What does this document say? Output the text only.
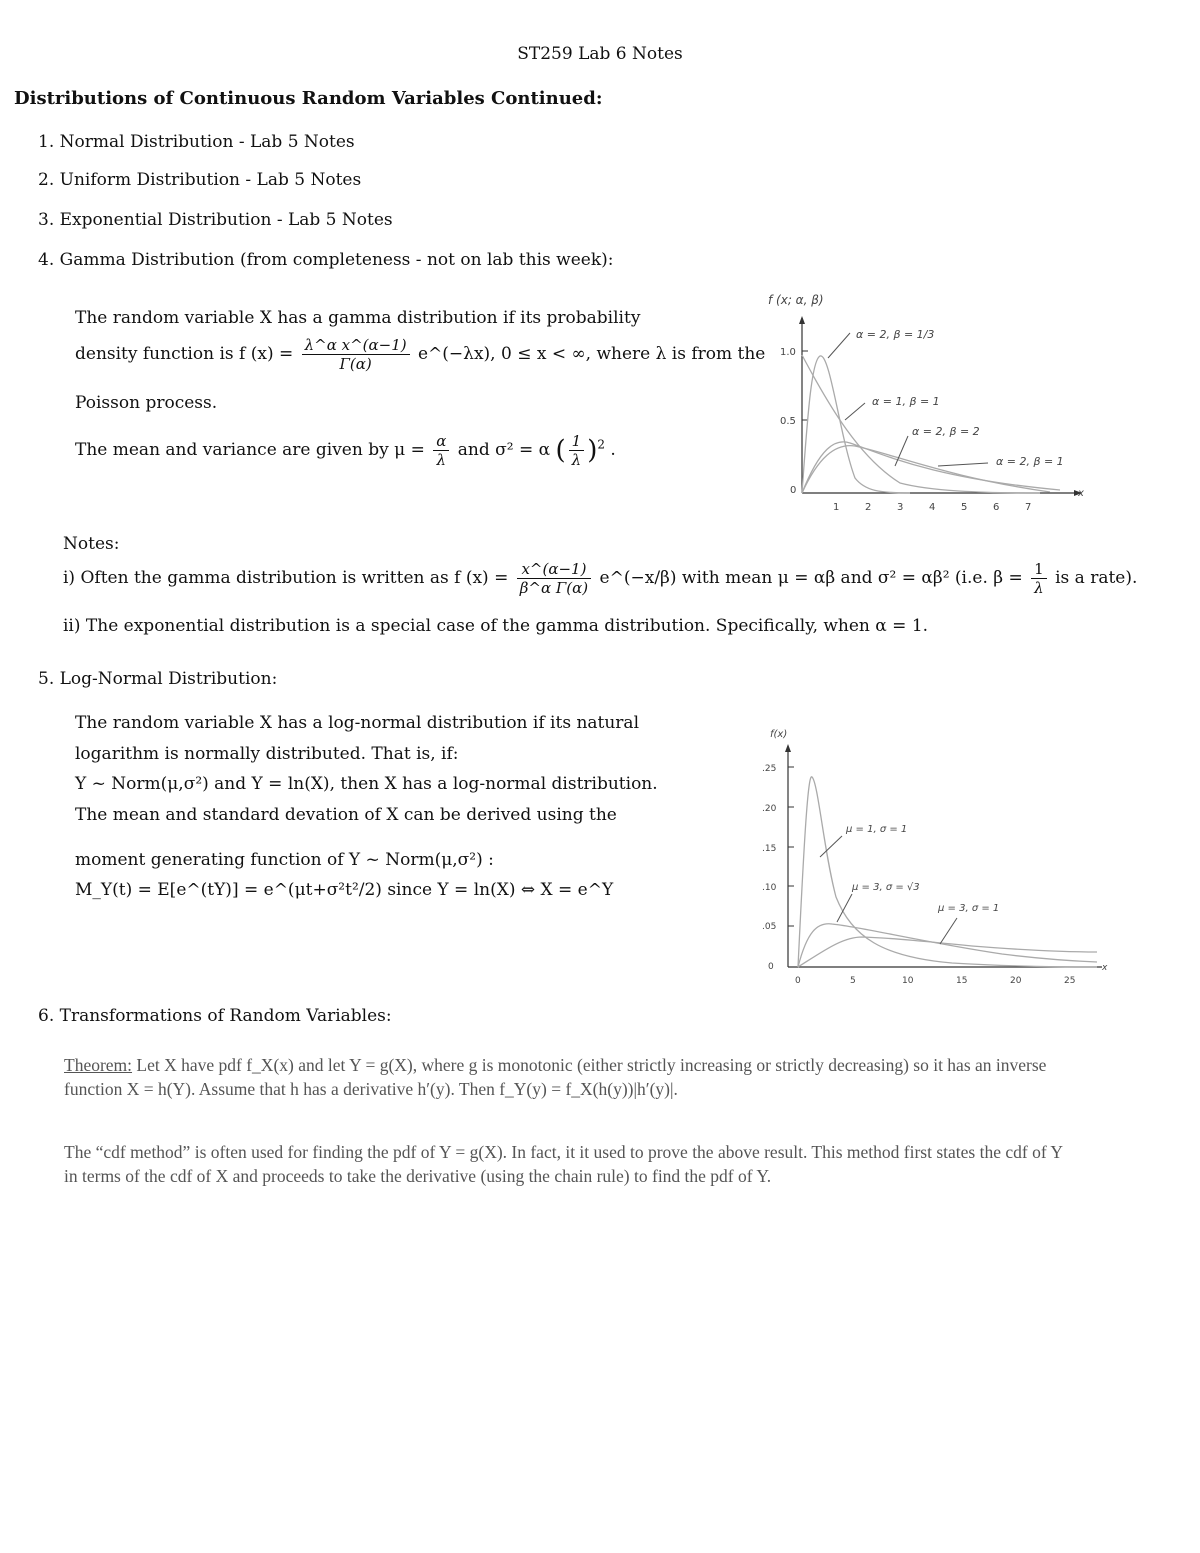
ST259 Lab 6 Notes
Distributions of Continuous Random Variables Continued:
1. Normal Distribution - Lab 5 Notes
2. Uniform Distribution - Lab 5 Notes
3. Exponential Distribution - Lab 5 Notes
4. Gamma Distribution (from completeness - not on lab this week):
The random variable X has a gamma distribution if its probability
density function is f $(x) = \frac{\text{λ\textasciicircum{}α x\textasciicircum{}(α−1)}}{\Gamma(\alpha)}$ e^(−λx), 0 ≤ x < ∞, where λ is from the
Poisson process.
The mean and variance are given by $\mu = \frac{\alpha}{\lambda}$ and σ² = α ( $\frac{1}{\lambda} )^2$ .
f (x; α, β)
1.0
0.5
0
1	2	3	4	5	6	7
x
α = 2, β = 1/3
α = 1, β = 1
α = 2, β = 2
α = 2, β = 1
Notes:
i) Often the gamma distribution is written as f $(x) = \frac{x\^{}(\alpha-1)}{\text{β\textasciicircum{}α Γ(α)}}$ e^(−x/β) with mean μ = αβ and σ² = αβ² (i.e. $\beta = \frac{1}{\lambda}$ is a rate).
ii) The exponential distribution is a special case of the gamma distribution. Specifically, when α = 1.
5. Log-Normal Distribution:
The random variable X has a log-normal distribution if its natural
logarithm is normally distributed. That is, if:
Y ~ Norm(μ,σ²) and Y = ln(X), then X has a log-normal distribution.
The mean and standard devation of X can be derived using the
moment generating function of Y ~ Norm(μ,σ²) :
M_Y(t) = E[e^(tY)] = e^(μt+σ²t²/2) since Y = ln(X) ⇔ X = e^Y
f(x)
.25
.20
.15
.10
.05
0
0	5	10	15	20	25
x
μ = 1, σ = 1
μ = 3, σ = √3
μ = 3, σ = 1
6. Transformations of Random Variables:
Theorem: Let X have pdf f_X(x) and let Y = g(X), where g is monotonic (either strictly increasing or strictly decreasing) so it has an inverse function X = h(Y). Assume that h has a derivative h′(y). Then f_Y(y) = f_X(h(y))|h′(y)|.
The “cdf method” is often used for finding the pdf of Y = g(X). In fact, it it used to prove the above result. This method first states the cdf of Y in terms of the cdf of X and proceeds to take the derivative (using the chain rule) to find the pdf of Y.
